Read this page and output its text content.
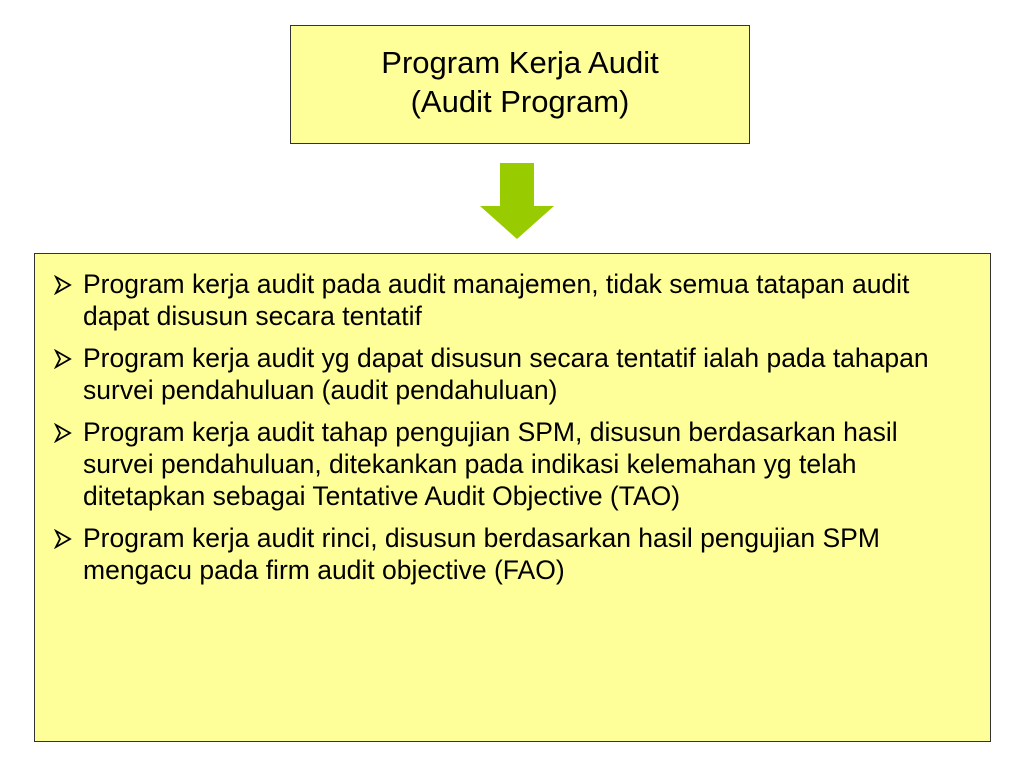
Program Kerja Audit
(Audit Program)
Program kerja audit pada audit manajemen, tidak semua tatapan audit dapat disusun secara tentatif
Program kerja audit yg dapat disusun secara tentatif ialah pada tahapan survei pendahuluan (audit pendahuluan)
Program kerja audit tahap pengujian SPM, disusun berdasarkan hasil survei pendahuluan, ditekankan pada indikasi kelemahan yg telah ditetapkan sebagai Tentative Audit Objective (TAO)
Program kerja audit rinci, disusun berdasarkan hasil pengujian SPM mengacu pada firm audit objective (FAO)
